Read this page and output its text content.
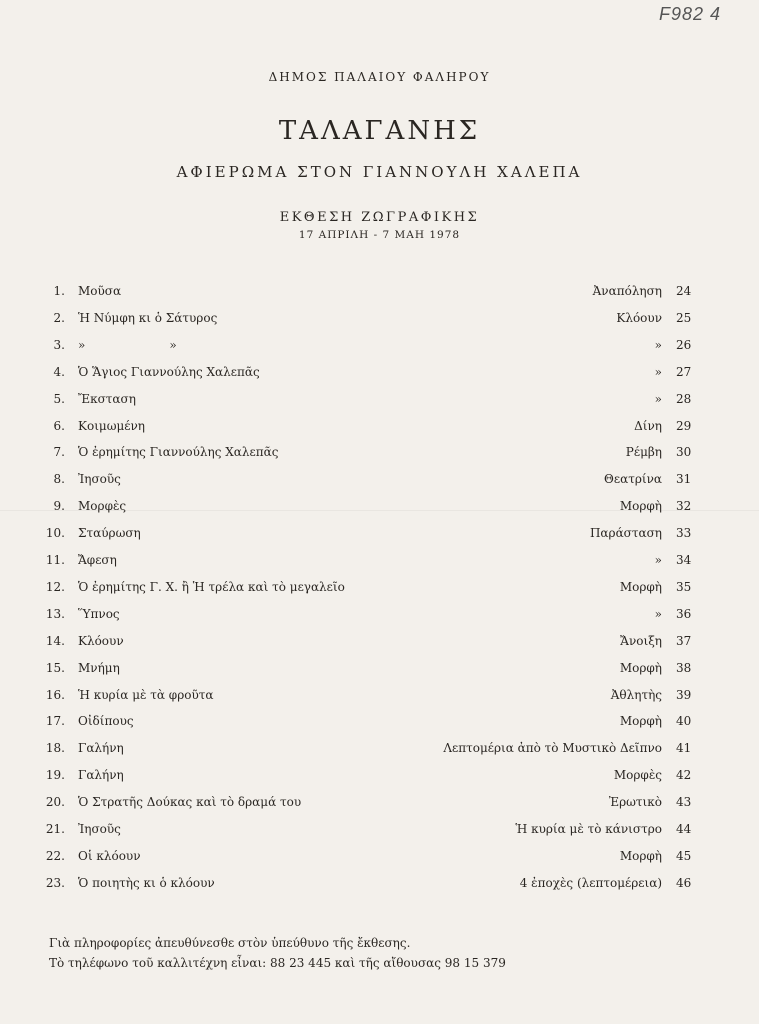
F982 4
ΔΗΜΟΣ ΠΑΛΑΙΟΥ ΦΑΛΗΡΟΥ
ΤΑΛΑΓΑΝΗΣ
ΑΦΙΕΡΩΜΑ ΣΤΟΝ ΓΙΑΝΝΟΥΛΗ ΧΑΛΕΠΑ
ΕΚΘΕΣΗ ΖΩΓΡΑΦΙΚΗΣ
17 ΑΠΡΙΛΗ - 7 ΜΑΗ 1978
1. Μοῦσα	Ἀναπόληση 24
2. Ἡ Νύμφη κι ὁ Σάτυρος	Κλόουν 25
3. »       »	» 26
4. Ὁ Ἅγιος Γιαννούλης Χαλεπᾶς	» 27
5. Ἔκσταση	» 28
6. Κοιμωμένη	Δίνη 29
7. Ὁ ἐρημίτης Γιαννούλης Χαλεπᾶς	Ρέμβη 30
8. Ἰησοῦς	Θεατρίνα 31
9. Μορφὲς	Μορφὴ 32
10. Σταύρωση	Παράσταση 33
11. Ἄφεση	» 34
12. Ὁ ἐρημίτης Γ. Χ. ἢ Ἡ τρέλα καὶ τὸ μεγαλεῖο	Μορφὴ 35
13. Ὕπνος	» 36
14. Κλόουν	Ἄνοιξη 37
15. Μνήμη	Μορφὴ 38
16. Ἡ κυρία μὲ τὰ φροῦτα	Ἀθλητὴς 39
17. Οἰδίπους	Μορφὴ 40
18. Γαλήνη	Λεπτομέρια ἀπὸ τὸ Μυστικὸ Δεῖπνο 41
19. Γαλήνη	Μορφὲς 42
20. Ὁ Στρατῆς Δούκας καὶ τὸ δραμά του	Ἐρωτικὸ 43
21. Ἰησοῦς	Ἡ κυρία μὲ τὸ κάνιστρο 44
22. Οἱ κλόουν	Μορφὴ 45
23. Ὁ ποιητὴς κι ὁ κλόουν	4 ἐποχὲς (λεπτομέρεια) 46
Γιὰ πληροφορίες ἀπευθύνεσθε στὸν ὑπεύθυνο τῆς ἔκθεσης.
Τὸ τηλέφωνο τοῦ καλλιτέχνη εἶναι: 88 23 445 καὶ τῆς αἴθουσας 98 15 379
